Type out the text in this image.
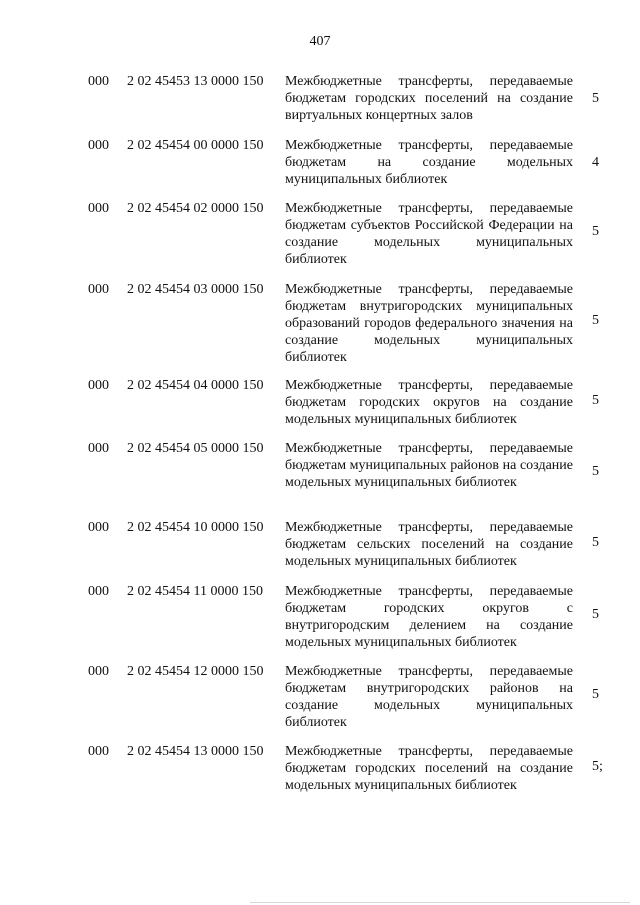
407
000 2 02 45453 13 0000 150 Межбюджетные трансферты, передаваемые бюджетам городских поселений на создание виртуальных концертных залов
5
000 2 02 45454 00 0000 150 Межбюджетные трансферты, передаваемые бюджетам на создание модельных муниципальных библиотек
4
000 2 02 45454 02 0000 150 Межбюджетные трансферты, передаваемые бюджетам субъектов Российской Федерации на создание модельных муниципальных библиотек
5
000 2 02 45454 03 0000 150 Межбюджетные трансферты, передаваемые бюджетам внутригородских муниципальных образований городов федерального значения на создание модельных муниципальных библиотек
5
000 2 02 45454 04 0000 150 Межбюджетные трансферты, передаваемые бюджетам городских округов на создание модельных муниципальных библиотек
5
000 2 02 45454 05 0000 150 Межбюджетные трансферты, передаваемые бюджетам муниципальных районов на создание модельных муниципальных библиотек
5
000 2 02 45454 10 0000 150 Межбюджетные трансферты, передаваемые бюджетам сельских поселений на создание модельных муниципальных библиотек
5
000 2 02 45454 11 0000 150 Межбюджетные трансферты, передаваемые бюджетам городских округов с внутригородским делением на создание модельных муниципальных библиотек
5
000 2 02 45454 12 0000 150 Межбюджетные трансферты, передаваемые бюджетам внутригородских районов на создание модельных муниципальных библиотек
5
000 2 02 45454 13 0000 150 Межбюджетные трансферты, передаваемые бюджетам городских поселений на создание модельных муниципальных библиотек
5;
